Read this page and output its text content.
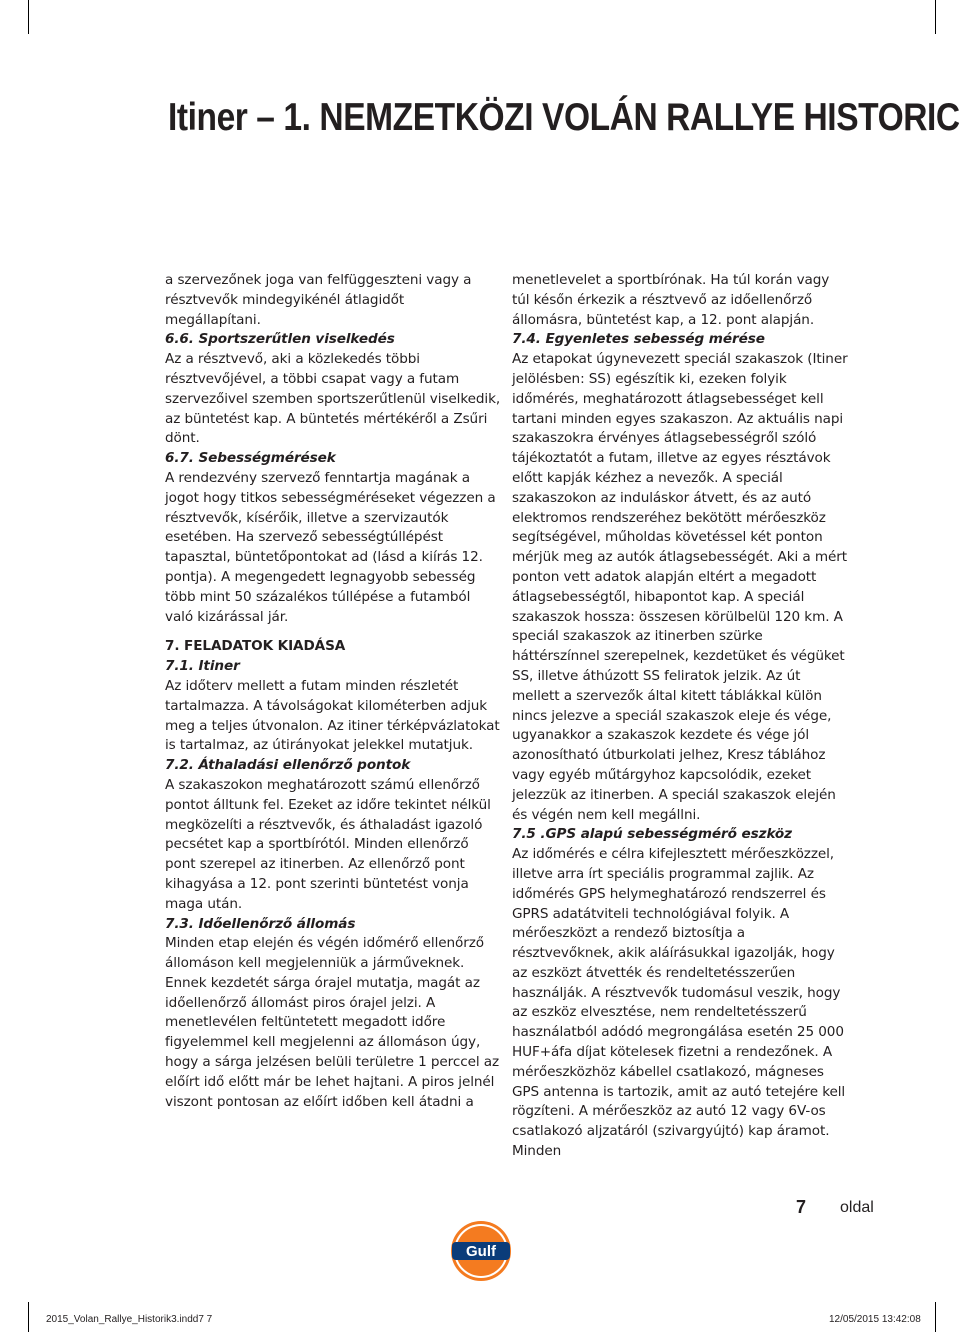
Itiner – 1. NEMZETKÖZI VOLÁN RALLYE HISTORIC

a szervezőnek joga van felfüggeszteni vagy a résztvevők mindegyikénél átlagidőt megállapítani.

6.6. Sportszerűtlen viselkedés

Az a résztvevő, aki a közlekedés többi résztvevőjével, a többi csapat vagy a futam szervezőivel szemben sportszerűtlenül viselkedik, az büntetést kap. A büntetés mértékéről a Zsűri dönt.

6.7. Sebességmérések

A rendezvény szervező fenntartja magának a jogot hogy titkos sebességméréseket végezzen a résztvevők, kísérőik, illetve a szervizautók esetében. Ha szervező sebességtúllépést tapasztal, büntetőpontokat ad (lásd a kiírás 12. pontja). A megengedett legnagyobb sebesség több mint 50 százalékos túllépése a futamból való kizárással jár.

7. FELADATOK KIADÁSA

7.1. Itiner

Az időterv mellett a futam minden részletét tartalmazza. A távolságokat kilométerben adjuk meg a teljes útvonalon. Az itiner térképvázlatokat is tartalmaz, az útirányokat jelekkel mutatjuk.

7.2. Áthaladási ellenőrző pontok

A szakaszokon meghatározott számú ellenőrző pontot álltunk fel. Ezeket az időre tekintet nélkül megközelíti a résztvevők, és áthaladást igazoló pecsétet kap a sportbírótól. Minden ellenőrző pont szerepel az itinerben. Az ellenőrző pont kihagyása a 12. pont szerinti büntetést vonja maga után.

7.3. Időellenőrző állomás

Minden etap elején és végén időmérő ellenőrző állomáson kell megjelenniük a járműveknek. Ennek kezdetét sárga órajel mutatja, magát az időellenőrző állomást piros órajel jelzi. A menetlevélen feltüntetett megadott időre figyelemmel kell megjelenni az állomáson úgy, hogy a sárga jelzésen belüli területre 1 perccel az előírt idő előtt már be lehet hajtani. A piros jelnél viszont pontosan az előírt időben kell átadni a

menetlevelet a sportbírónak. Ha túl korán vagy túl későn érkezik a résztvevő az időellenőrző állomásra, büntetést kap, a 12. pont alapján.

7.4. Egyenletes sebesség mérése

Az etapokat úgynevezett speciál szakaszok (Itiner jelölésben: SS) egészítik ki, ezeken folyik időmérés, meghatározott átlagsebességet kell tartani minden egyes szakaszon. Az aktuális napi szakaszokra érvényes átlagsebességről szóló tájékoztatót a futam, illetve az egyes résztávok előtt kapják kézhez a nevezők. A speciál szakaszokon az induláskor átvett, és az autó elektromos rendszeréhez bekötött mérőeszköz segítségével, műholdas követéssel két ponton mérjük meg az autók átlagsebességét. Aki a mért ponton vett adatok alapján eltért a megadott átlagsebességtől, hibapontot kap. A speciál szakaszok hossza: összesen körülbelül 120 km. A speciál szakaszok az itinerben szürke háttérszínnel szerepelnek, kezdetüket és végüket SS, illetve áthúzott SS feliratok jelzik. Az út mellett a szervezők által kitett táblákkal külön nincs jelezve a speciál szakaszok eleje és vége, ugyanakkor a szakaszok kezdete és vége jól azonosítható útburkolati jelhez, Kresz táblához vagy egyéb műtárgyhoz kapcsolódik, ezeket jelezzük az itinerben. A speciál szakaszok elején és végén nem kell megállni.

7.5 .GPS alapú sebességmérő eszköz

Az időmérés e célra kifejlesztett mérőeszközzel, illetve arra írt speciális programmal zajlik. Az időmérés GPS helymeghatározó rendszerrel és GPRS adatátviteli technológiával folyik. A mérőeszközt a rendező biztosítja a résztvevőknek, akik aláírásukkal igazolják, hogy az eszközt átvették és rendeltetésszerűen használják. A résztvevők tudomásul veszik, hogy az eszköz elvesztése, nem rendeltetésszerű használatból adódó megrongálása esetén 25 000 HUF+áfa díjat kötelesek fizetni a rendezőnek. A mérőeszközhöz kábellel csatlakozó, mágneses GPS antenna is tartozik, amit az autó tetejére kell rögzíteni. A mérőeszköz az autó 12 vagy 6V-os csatlakozó aljzatáról (szivargyújtó) kap áramot. Minden

7 oldal
Gulf
2015_Volan_Rallye_Historik3.indd7 7	12/05/2015 13:42:08
